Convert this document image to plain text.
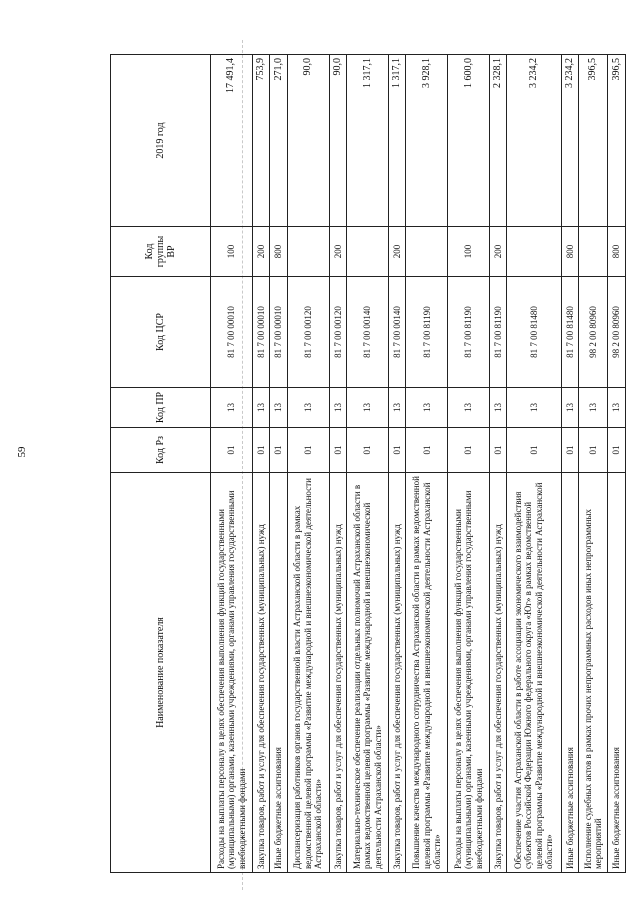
59
Наименование показателя	Код Рз	Код ПР	Код ЦСР	Код группы ВР	2019 год
Расходы на выплаты персоналу в целях обеспечения выполнения функций государственными (муниципальными) органами, казенными учреждениями, органами управления государственными внебюджетными фондами	01	13	81 7 00 00010	100	17 491,4
Закупка товаров, работ и услуг для обеспечения государственных (муниципальных) нужд	01	13	81 7 00 00010	200	753,9
Иные бюджетные ассигнования	01	13	81 7 00 00010	800	271,0
Диспансеризация работников органов государственной власти Астраханской области в рамках ведомственной целевой программы «Развитие международной и внешнеэкономической деятельности Астраханской области»	01	13	81 7 00 00120		90,0
Закупка товаров, работ и услуг для обеспечения государственных (муниципальных) нужд	01	13	81 7 00 00120	200	90,0
Материально-техническое обеспечение реализации отдельных полномочий Астраханской области в рамках ведомственной целевой программы «Развитие международной и внешнеэкономической деятельности Астраханской области»	01	13	81 7 00 00140		1 317,1
Закупка товаров, работ и услуг для обеспечения государственных (муниципальных) нужд	01	13	81 7 00 00140	200	1 317,1
Повышение качества международного сотрудничества Астраханской области в рамках ведомственной целевой программы «Развитие международной и внешнеэкономической деятельности Астраханской области»	01	13	81 7 00 81190		3 928,1
Расходы на выплаты персоналу в целях обеспечения выполнения функций государственными (муниципальными) органами, казенными учреждениями, органами управления государственными внебюджетными фондами	01	13	81 7 00 81190	100	1 600,0
Закупка товаров, работ и услуг для обеспечения государственных (муниципальных) нужд	01	13	81 7 00 81190	200	2 328,1
Обеспечение участия Астраханской области в работе ассоциации экономического взаимодействия субъектов Российской Федерации Южного федерального округа «Юг» в рамках ведомственной целевой программы «Развитие международной и внешнеэкономической деятельности Астраханской области»	01	13	81 7 00 81480		3 234,2
Иные бюджетные ассигнования	01	13	81 7 00 81480	800	3 234,2
Исполнение судебных актов в рамках прочих непрограммных расходов иных непрограммных мероприятий	01	13	98 2 00 80960		396,5
Иные бюджетные ассигнования	01	13	98 2 00 80960	800	396,5
